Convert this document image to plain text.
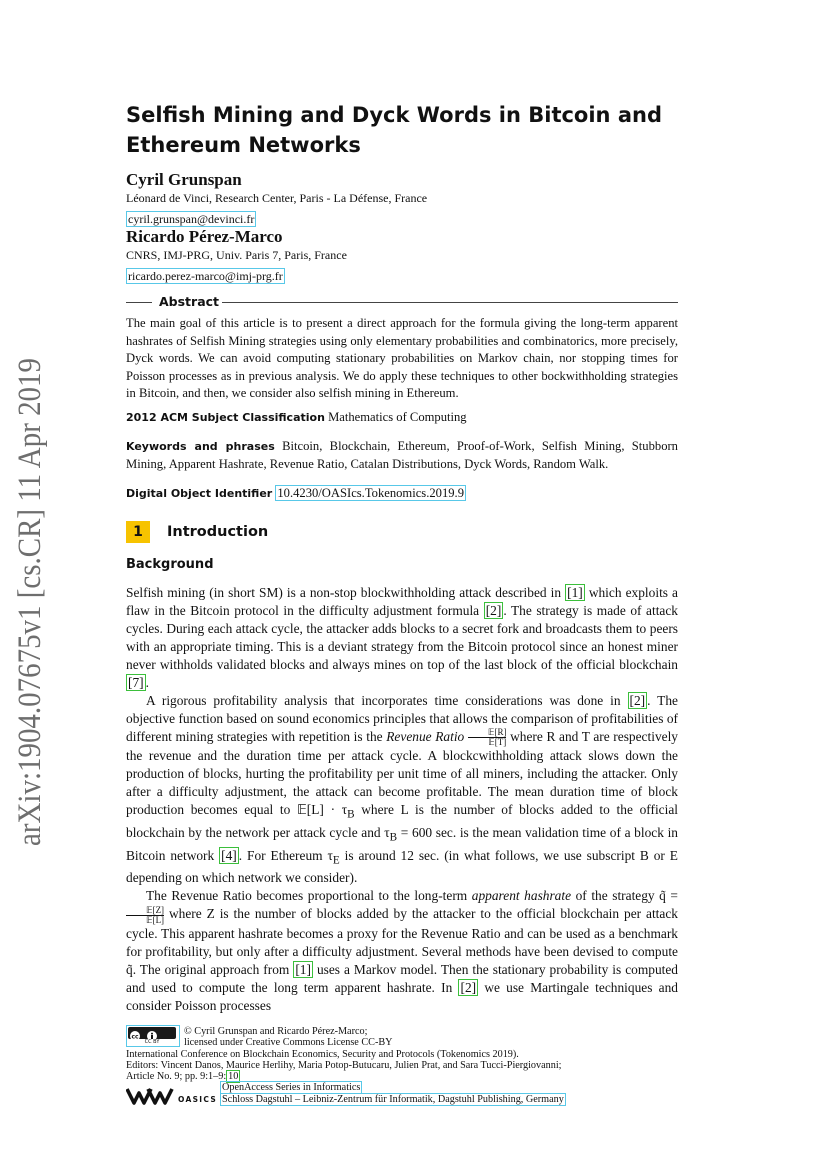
arXiv:1904.07675v1 [cs.CR] 11 Apr 2019
Selfish Mining and Dyck Words in Bitcoin and Ethereum Networks
Cyril Grunspan
Léonard de Vinci, Research Center, Paris - La Défense, France
cyril.grunspan@devinci.fr
Ricardo Pérez-Marco
CNRS, IMJ-PRG, Univ. Paris 7, Paris, France
ricardo.perez-marco@imj-prg.fr
Abstract
The main goal of this article is to present a direct approach for the formula giving the long-term apparent hashrates of Selfish Mining strategies using only elementary probabilities and combinatorics, more precisely, Dyck words. We can avoid computing stationary probabilities on Markov chain, nor stopping times for Poisson processes as in previous analysis. We do apply these techniques to other bockwithholding strategies in Bitcoin, and then, we consider also selfish mining in Ethereum.
2012 ACM Subject Classification Mathematics of Computing
Keywords and phrases Bitcoin, Blockchain, Ethereum, Proof-of-Work, Selfish Mining, Stubborn Mining, Apparent Hashrate, Revenue Ratio, Catalan Distributions, Dyck Words, Random Walk.
Digital Object Identifier 10.4230/OASIcs.Tokenomics.2019.9
1	Introduction
Background

Selfish mining (in short SM) is a non-stop blockwithholding attack described in [1] which exploits a flaw in the Bitcoin protocol in the difficulty adjustment formula [2] . The strategy is made of attack cycles. During each attack cycle, the attacker adds blocks to a secret fork and broadcasts them to peers with an appropriate timing. This is a deviant strategy from the Bitcoin protocol since an honest miner never withholds validated blocks and always mines on top of the last block of the official blockchain [7] .

A rigorous profitability analysis that incorporates time considerations was done in [2] . The objective function based on sound economics principles that allows the comparison of profitabilities of different mining strategies with repetition is the Revenue Ratio $\frac{\text{𝔼[R]}}{\text{𝔼[T]}}$ where R and T are respectively the revenue and the duration time per attack cycle. A blockcwithholding attack slows down the production of blocks, hurting the profitability per unit time of all miners, including the attacker. Only after a difficulty adjustment, the attack can become profitable. The mean duration time of block production becomes equal to 𝔼[L] · $\tau_B$ where L is the number of blocks added to the official blockchain by the network per attack cycle and $\tau_B = 600$ sec. is the mean validation time of a block in Bitcoin network [4] . For Ethereum $\tau_E$ is around 12 sec. (in what follows, we use subscript B or E depending on which network we consider).

The Revenue Ratio becomes proportional to the long-term apparent hashrate of the strategy q̃ =
$\frac{\text{𝔼[Z]}}{\text{𝔼[L]}}$ where Z is the number of blocks added by the attacker to the official blockchain per attack cycle. This apparent hashrate becomes a proxy for the Revenue Ratio and can be used as a benchmark for profitability, but only after a difficulty adjustment. Several methods have been devised to compute q̃. The original approach from [1] uses a Markov model. Then the stationary probability is computed and used to compute the long term apparent hashrate. In [2] we use Martingale techniques and consider Poisson processes

cc
CC BY
© Cyril Grunspan and Ricardo Pérez-Marco;
licensed under Creative Commons License CC-BY
International Conference on Blockchain Economics, Security and Protocols (Tokenomics 2019).
Editors: Vincent Danos, Maurice Herlihy, Maria Potop-Butucaru, Julien Prat, and Sara Tucci-Piergiovanni;
Article No. 9; pp. 9:1–9: 10
OASICS
OpenAccess Series in Informatics
Schloss Dagstuhl – Leibniz-Zentrum für Informatik, Dagstuhl Publishing, Germany
